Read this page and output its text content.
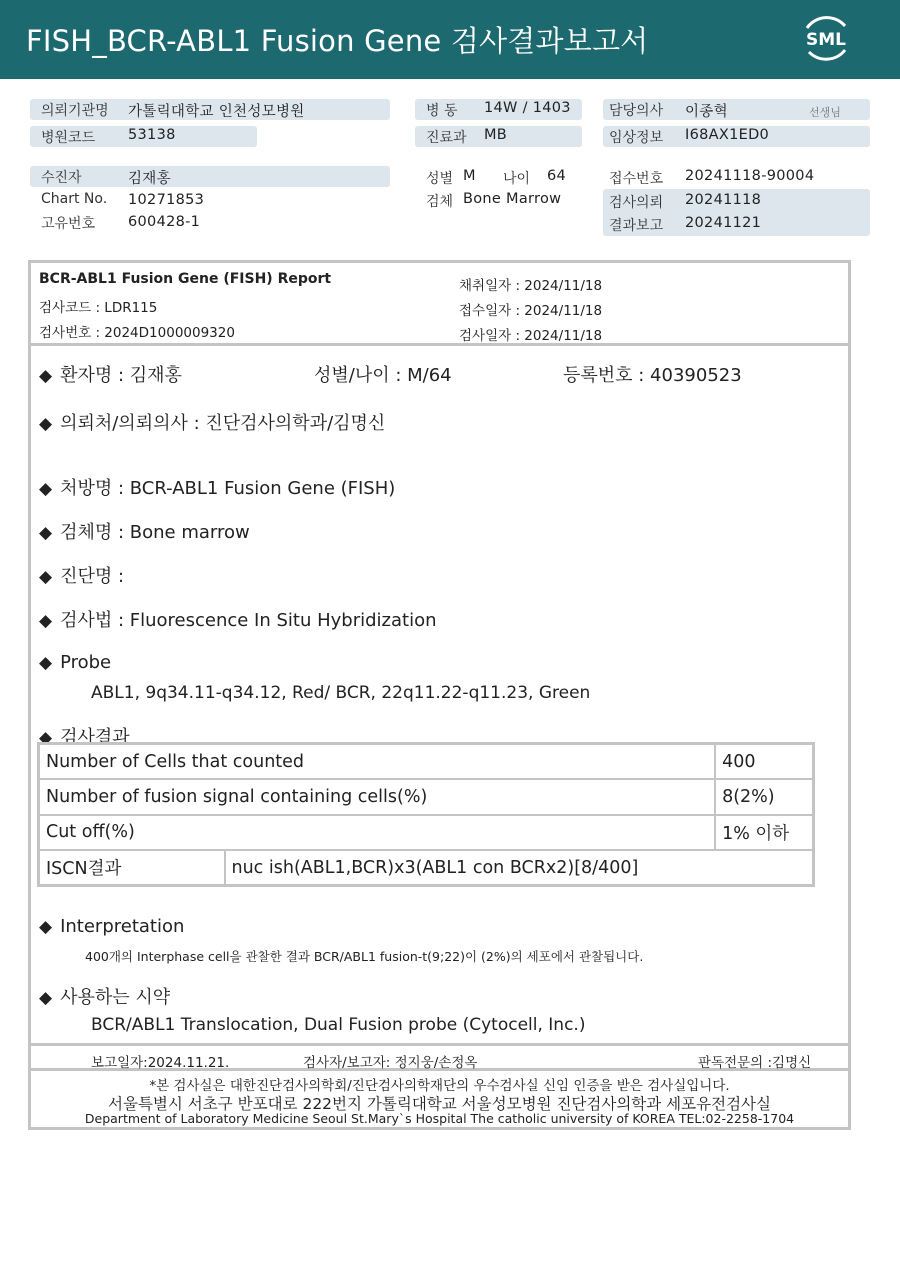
FISH_BCR-ABL1 Fusion Gene 검사결과보고서	SML
의뢰기관명 가톨릭대학교 인천성모병원
병원코드 53138
병 동 14W / 1403
진료과 MB
담당의사 이종혁	선생님
임상정보 I68AX1ED0
수진자	김재홍
Chart No. 10271853
고유번호 600428-1
성별 M 나이 64
검체 Bone Marrow
접수번호 20241118-90004
검사의뢰 20241118
결과보고 20241121
BCR-ABL1 Fusion Gene (FISH) Report
검사코드 : LDR115
검사번호 : 2024D1000009320
채취일자 : 2024/11/18
접수일자 : 2024/11/18
검사일자 : 2024/11/18
◆ 환자명 : 김재홍	성별/나이 : M/64	등록번호 : 40390523
◆ 의뢰처/의뢰의사 : 진단검사의학과/김명신
◆ 처방명 : BCR-ABL1 Fusion Gene (FISH)
◆ 검체명 : Bone marrow
◆ 진단명 :
◆ 검사법 : Fluorescence In Situ Hybridization
◆ Probe
ABL1, 9q34.11-q34.12, Red/ BCR, 22q11.22-q11.23, Green
◆ 검사결과
Number of Cells that counted		400
Number of fusion signal containing cells(%)		8(2%)
Cut off(%)		1% 이하
ISCN결과	nuc ish(ABL1,BCR)x3(ABL1 con BCRx2)[8/400]	
◆ Interpretation
400개의 Interphase cell을 관찰한 결과 BCR/ABL1 fusion-t(9;22)이 (2%)의 세포에서 관찰됩니다.
◆ 사용하는 시약
BCR/ABL1 Translocation, Dual Fusion probe (Cytocell, Inc.)
보고일자:2024.11.21.	검사자/보고자: 정지웅/손정옥	판독전문의 :김명신
*본 검사실은 대한진단검사의학회/진단검사의학재단의 우수검사실 신임 인증을 받은 검사실입니다.
서울특별시 서초구 반포대로 222번지 가톨릭대학교 서울성모병원 진단검사의학과 세포유전검사실
Department of Laboratory Medicine Seoul St.Mary`s Hospital The catholic university of KOREA TEL:02-2258-1704
